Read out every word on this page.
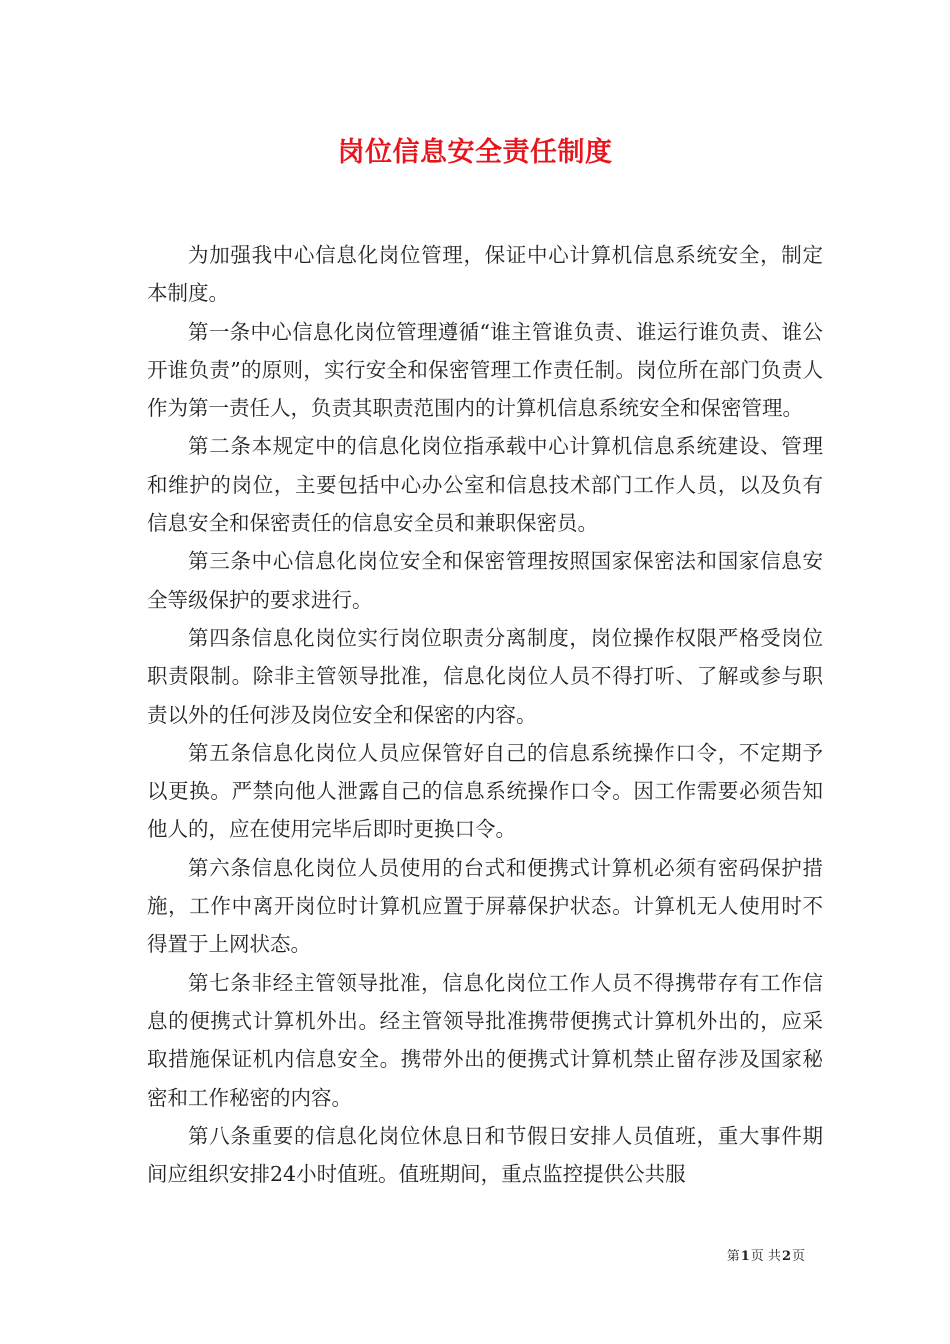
岗位信息安全责任制度

为加强我中心信息化岗位管理，保证中心计算机信息系统安全，制定本制度。

第一条中心信息化岗位管理遵循“谁主管谁负责、谁运行谁负责、谁公开谁负责”的原则，实行安全和保密管理工作责任制。岗位所在部门负责人作为第一责任人，负责其职责范围内的计算机信息系统安全和保密管理。

第二条本规定中的信息化岗位指承载中心计算机信息系统建设、管理和维护的岗位，主要包括中心办公室和信息技术部门工作人员，以及负有信息安全和保密责任的信息安全员和兼职保密员。

第三条中心信息化岗位安全和保密管理按照国家保密法和国家信息安全等级保护的要求进行。

第四条信息化岗位实行岗位职责分离制度，岗位操作权限严格受岗位职责限制。除非主管领导批准，信息化岗位人员不得打听、了解或参与职责以外的任何涉及岗位安全和保密的内容。

第五条信息化岗位人员应保管好自己的信息系统操作口令，不定期予以更换。严禁向他人泄露自己的信息系统操作口令。因工作需要必须告知他人的，应在使用完毕后即时更换口令。

第六条信息化岗位人员使用的台式和便携式计算机必须有密码保护措施，工作中离开岗位时计算机应置于屏幕保护状态。计算机无人使用时不得置于上网状态。

第七条非经主管领导批准，信息化岗位工作人员不得携带存有工作信息的便携式计算机外出。经主管领导批准携带便携式计算机外出的，应采取措施保证机内信息安全。携带外出的便携式计算机禁止留存涉及国家秘密和工作秘密的内容。

第八条重要的信息化岗位休息日和节假日安排人员值班，重大事件期间应组织安排24小时值班。值班期间，重点监控提供公共服

第1页 共2页
